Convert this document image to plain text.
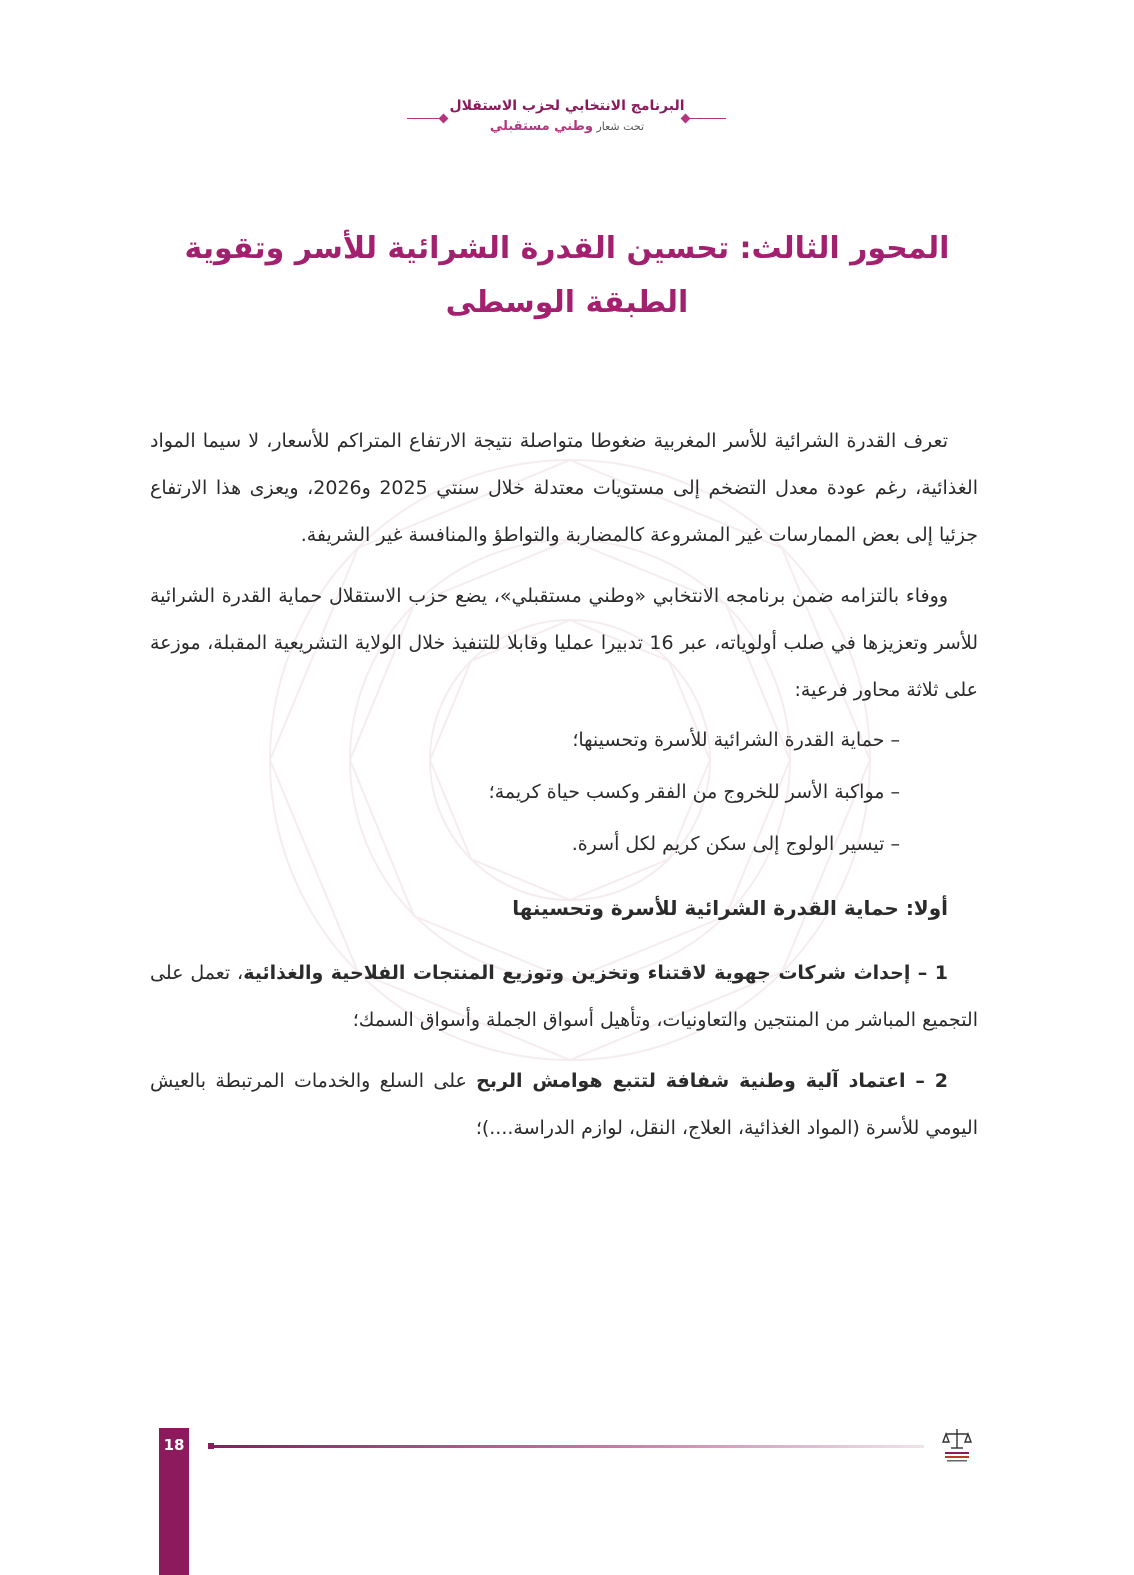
البرنامج الانتخابي لحزب الاستقلال
تحت شعار وطني مستقبلي
المحور الثالث: تحسين القدرة الشرائية للأسر وتقوية الطبقة الوسطى

تعرف القدرة الشرائية للأسر المغربية ضغوطا متواصلة نتيجة الارتفاع المتراكم للأسعار، لا سيما المواد الغذائية، رغم عودة معدل التضخم إلى مستويات معتدلة خلال سنتي 2025 و2026، ويعزى هذا الارتفاع جزئيا إلى بعض الممارسات غير المشروعة كالمضاربة والتواطؤ والمنافسة غير الشريفة.

ووفاء بالتزامه ضمن برنامجه الانتخابي «وطني مستقبلي»، يضع حزب الاستقلال حماية القدرة الشرائية للأسر وتعزيزها في صلب أولوياته، عبر 16 تدبيرا عمليا وقابلا للتنفيذ خلال الولاية التشريعية المقبلة، موزعة على ثلاثة محاور فرعية:

– حماية القدرة الشرائية للأسرة وتحسينها؛
– مواكبة الأسر للخروج من الفقر وكسب حياة كريمة؛
– تيسير الولوج إلى سكن كريم لكل أسرة.
أولا: حماية القدرة الشرائية للأسرة وتحسينها

1 – إحداث شركات جهوية لاقتناء وتخزين وتوزيع المنتجات الفلاحية والغذائية، تعمل على التجميع المباشر من المنتجين والتعاونيات، وتأهيل أسواق الجملة وأسواق السمك؛

2 – اعتماد آلية وطنية شفافة لتتبع هوامش الربح على السلع والخدمات المرتبطة بالعيش اليومي للأسرة (المواد الغذائية، العلاج، النقل، لوازم الدراسة....)؛

18
